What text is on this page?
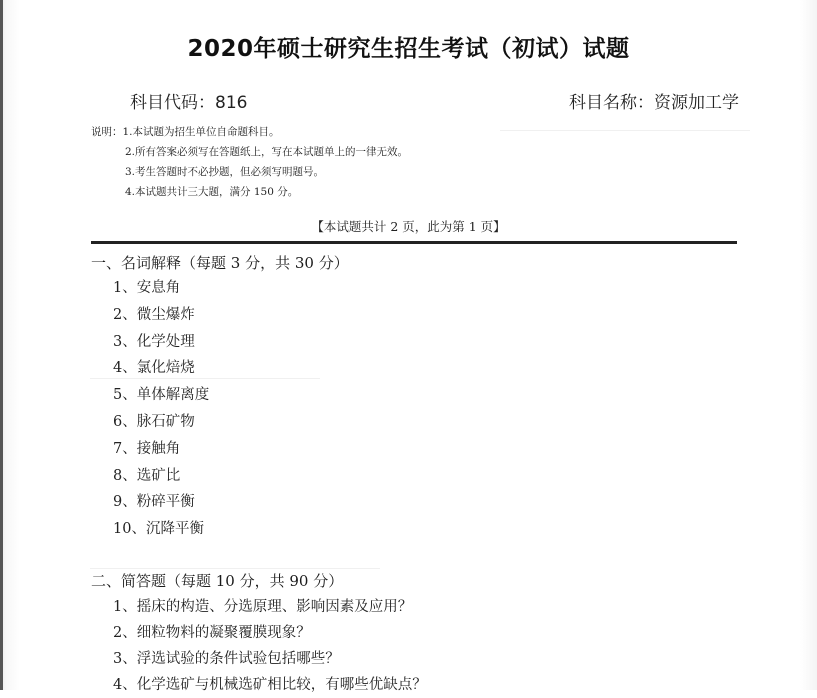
2020年硕士研究生招生考试（初试）试题
科目代码：816	科目名称：资源加工学
说明：1.本试题为招生单位自命题科目。
2.所有答案必须写在答题纸上，写在本试题单上的一律无效。
3.考生答题时不必抄题，但必须写明题号。
4.本试题共计三大题，满分 150 分。
【本试题共计 2 页，此为第 1 页】
一、名词解释（每题 3 分，共 30 分）
1、安息角
2、微尘爆炸
3、化学处理
4、氯化焙烧
5、单体解离度
6、脉石矿物
7、接触角
8、选矿比
9、粉碎平衡
10、沉降平衡
二、简答题（每题 10 分，共 90 分）
1、摇床的构造、分选原理、影响因素及应用？
2、细粒物料的凝聚覆膜现象？
3、浮选试验的条件试验包括哪些？
4、化学选矿与机械选矿相比较，有哪些优缺点？
